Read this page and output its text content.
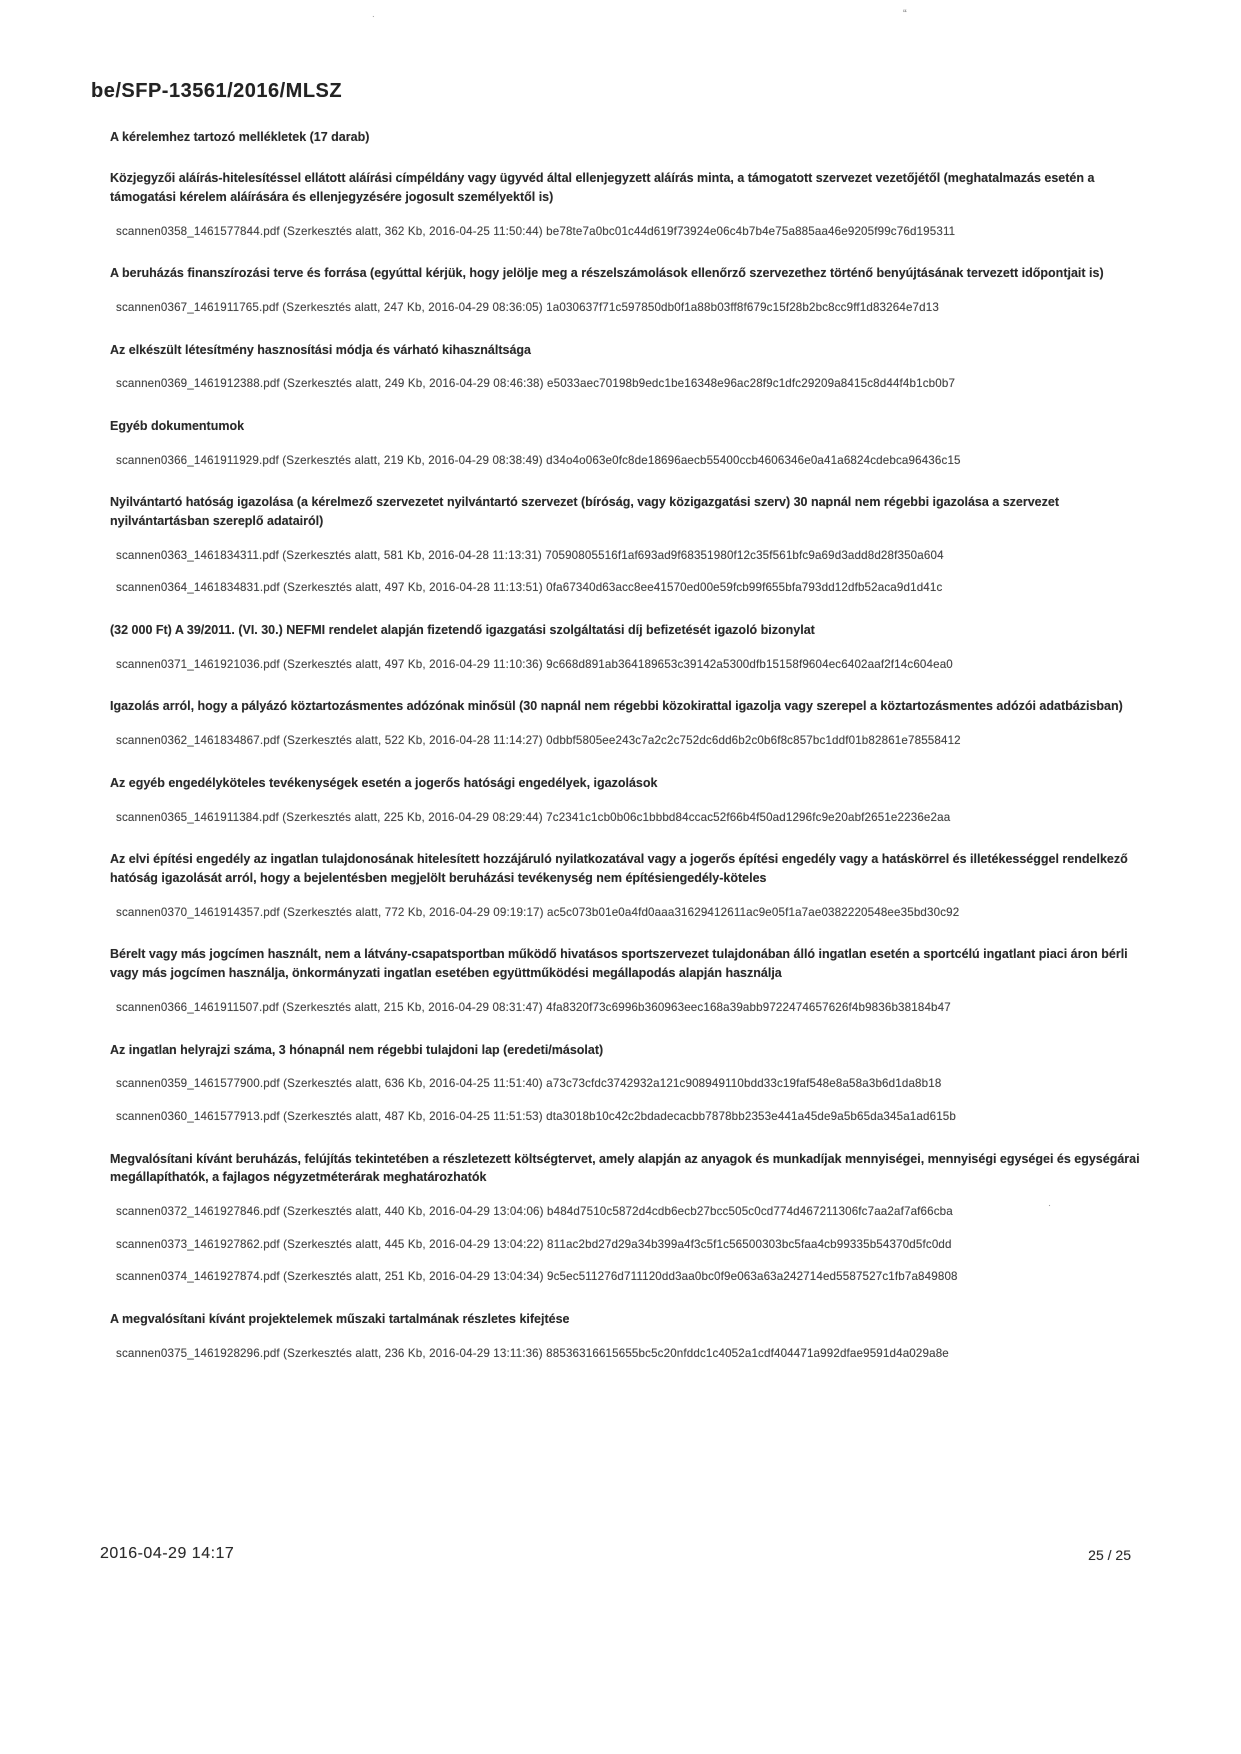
“
·
·
be/SFP-13561/2016/MLSZ
A kérelemhez tartozó mellékletek (17 darab)
Közjegyzői aláírás-hitelesítéssel ellátott aláírási címpéldány vagy ügyvéd által ellenjegyzett aláírás minta, a támogatott szervezet vezetőjétől (meghatalmazás esetén a támogatási kérelem aláírására és ellenjegyzésére jogosult személyektől is)
scannen0358_1461577844.pdf (Szerkesztés alatt, 362 Kb, 2016-04-25 11:50:44) be78te7a0bc01c44d619f73924e06c4b7b4e75a885aa46e9205f99c76d195311
A beruházás finanszírozási terve és forrása (egyúttal kérjük, hogy jelölje meg a részelszámolások ellenőrző szervezethez történő benyújtásának tervezett időpontjait is)
scannen0367_1461911765.pdf (Szerkesztés alatt, 247 Kb, 2016-04-29 08:36:05) 1a030637f71c597850db0f1a88b03ff8f679c15f28b2bc8cc9ff1d83264e7d13
Az elkészült létesítmény hasznosítási módja és várható kihasználtsága
scannen0369_1461912388.pdf (Szerkesztés alatt, 249 Kb, 2016-04-29 08:46:38) e5033aec70198b9edc1be16348e96ac28f9c1dfc29209a8415c8d44f4b1cb0b7
Egyéb dokumentumok
scannen0366_1461911929.pdf (Szerkesztés alatt, 219 Kb, 2016-04-29 08:38:49) d34o4o063e0fc8de18696aecb55400ccb4606346e0a41a6824cdebca96436c15
Nyilvántartó hatóság igazolása (a kérelmező szervezetet nyilvántartó szervezet (bíróság, vagy közigazgatási szerv) 30 napnál nem régebbi igazolása a szervezet nyilvántartásban szereplő adatairól)
scannen0363_1461834311.pdf (Szerkesztés alatt, 581 Kb, 2016-04-28 11:13:31) 70590805516f1af693ad9f68351980f12c35f561bfc9a69d3add8d28f350a604
scannen0364_1461834831.pdf (Szerkesztés alatt, 497 Kb, 2016-04-28 11:13:51) 0fa67340d63acc8ee41570ed00e59fcb99f655bfa793dd12dfb52aca9d1d41c
(32 000 Ft) A 39/2011. (VI. 30.) NEFMI rendelet alapján fizetendő igazgatási szolgáltatási díj befizetését igazoló bizonylat
scannen0371_1461921036.pdf (Szerkesztés alatt, 497 Kb, 2016-04-29 11:10:36) 9c668d891ab364189653c39142a5300dfb15158f9604ec6402aaf2f14c604ea0
Igazolás arról, hogy a pályázó köztartozásmentes adózónak minősül (30 napnál nem régebbi közokirattal igazolja vagy szerepel a köztartozásmentes adózói adatbázisban)
scannen0362_1461834867.pdf (Szerkesztés alatt, 522 Kb, 2016-04-28 11:14:27) 0dbbf5805ee243c7a2c2c752dc6dd6b2c0b6f8c857bc1ddf01b82861e78558412
Az egyéb engedélyköteles tevékenységek esetén a jogerős hatósági engedélyek, igazolások
scannen0365_1461911384.pdf (Szerkesztés alatt, 225 Kb, 2016-04-29 08:29:44) 7c2341c1cb0b06c1bbbd84ccac52f66b4f50ad1296fc9e20abf2651e2236e2aa
Az elvi építési engedély az ingatlan tulajdonosának hitelesített hozzájáruló nyilatkozatával vagy a jogerős építési engedély vagy a hatáskörrel és illetékességgel rendelkező hatóság igazolását arról, hogy a bejelentésben megjelölt beruházási tevékenység nem építésiengedély-köteles
scannen0370_1461914357.pdf (Szerkesztés alatt, 772 Kb, 2016-04-29 09:19:17) ac5c073b01e0a4fd0aaa31629412611ac9e05f1a7ae0382220548ee35bd30c92
Bérelt vagy más jogcímen használt, nem a látvány-csapatsportban működő hivatásos sportszervezet tulajdonában álló ingatlan esetén a sportcélú ingatlant piaci áron bérli vagy más jogcímen használja, önkormányzati ingatlan esetében együttműködési megállapodás alapján használja
scannen0366_1461911507.pdf (Szerkesztés alatt, 215 Kb, 2016-04-29 08:31:47) 4fa8320f73c6996b360963eec168a39abb9722474657626f4b9836b38184b47
Az ingatlan helyrajzi száma, 3 hónapnál nem régebbi tulajdoni lap (eredeti/másolat)
scannen0359_1461577900.pdf (Szerkesztés alatt, 636 Kb, 2016-04-25 11:51:40) a73c73cfdc3742932a121c908949110bdd33c19faf548e8a58a3b6d1da8b18
scannen0360_1461577913.pdf (Szerkesztés alatt, 487 Kb, 2016-04-25 11:51:53) dta3018b10c42c2bdadecacbb7878bb2353e441a45de9a5b65da345a1ad615b
Megvalósítani kívánt beruházás, felújítás tekintetében a részletezett költségtervet, amely alapján az anyagok és munkadíjak mennyiségei, mennyiségi egységei és egységárai megállapíthatók, a fajlagos négyzetméterárak meghatározhatók
scannen0372_1461927846.pdf (Szerkesztés alatt, 440 Kb, 2016-04-29 13:04:06) b484d7510c5872d4cdb6ecb27bcc505c0cd774d467211306fc7aa2af7af66cba
scannen0373_1461927862.pdf (Szerkesztés alatt, 445 Kb, 2016-04-29 13:04:22) 811ac2bd27d29a34b399a4f3c5f1c56500303bc5faa4cb99335b54370d5fc0dd
scannen0374_1461927874.pdf (Szerkesztés alatt, 251 Kb, 2016-04-29 13:04:34) 9c5ec511276d711120dd3aa0bc0f9e063a63a242714ed5587527c1fb7a849808
A megvalósítani kívánt projektelemek műszaki tartalmának részletes kifejtése
scannen0375_1461928296.pdf (Szerkesztés alatt, 236 Kb, 2016-04-29 13:11:36) 88536316615655bc5c20nfddc1c4052a1cdf404471a992dfae9591d4a029a8e
2016-04-29 14:17	25 / 25
